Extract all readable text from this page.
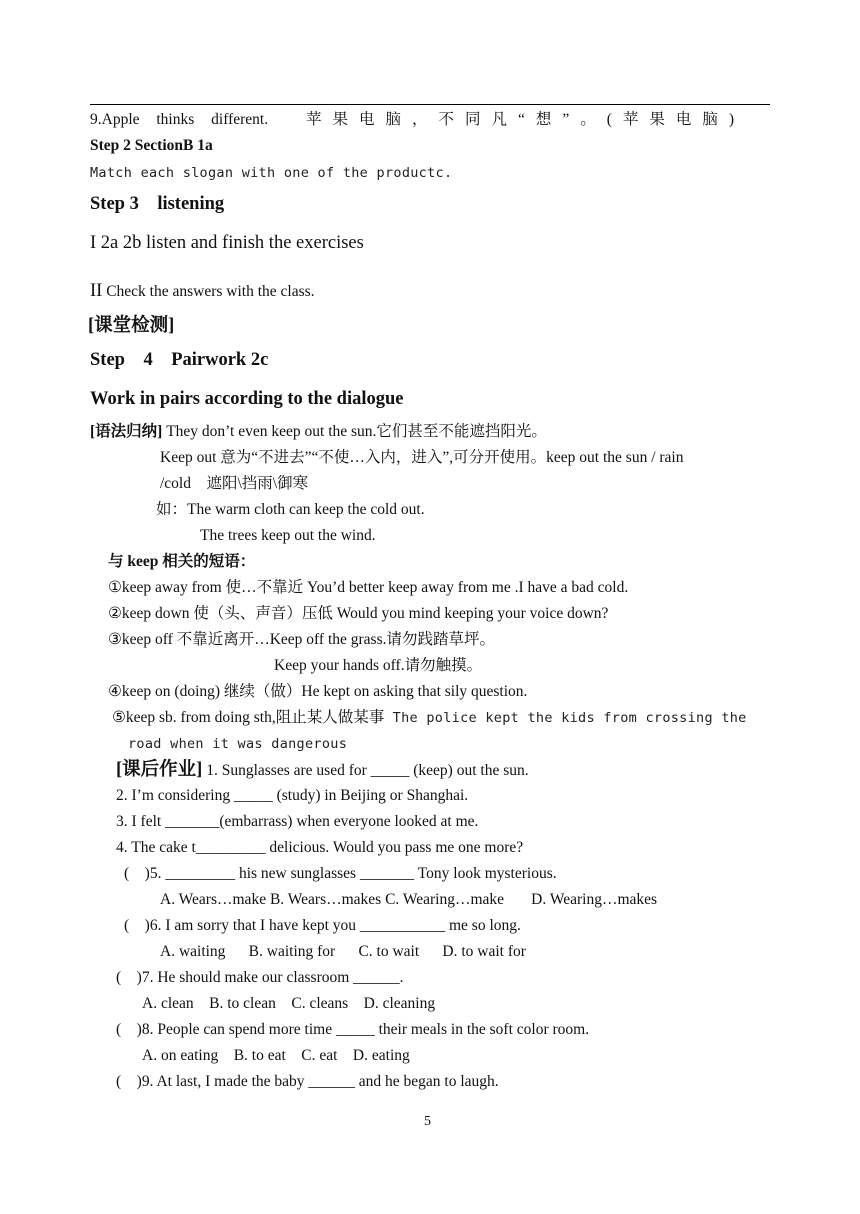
9.Apple thinks different. 苹果电脑，不同凡“想”。(苹果电脑)
Step 2 SectionB 1a
Match each slogan with one of the productc.
Step 3    listening
I 2a 2b listen and finish the exercises
II Check the answers with the class.
[课堂检测]
Step    4    Pairwork 2c
Work in pairs according to the dialogue
[语法归纳] They don’t even keep out the sun.它们甚至不能遮挡阳光。
Keep out 意为“不进去”“不使…入内，进入”,可分开使用。keep out the sun / rain
/cold    遮阳\挡雨\御寒
如：The warm cloth can keep the cold out.
The trees keep out the wind.
与 keep 相关的短语：
①keep away from 使…不靠近 You’d better keep away from me .I have a bad cold.
②keep down 使（头、声音）压低 Would you mind keeping your voice down?
③keep off 不靠近离开…Keep off the grass.请勿践踏草坪。
Keep your hands off.请勿触摸。
④keep on (doing) 继续（做）He kept on asking that sily question.
⑤keep sb. from doing sth,阻止某人做某事 The police kept the kids from crossing the
road when it was dangerous
[课后作业] 1. Sunglasses are used for _____ (keep) out the sun.
2. I’m considering _____ (study) in Beijing or Shanghai.
3. I felt _______(embarrass) when everyone looked at me.
4. The cake t_________ delicious. Would you pass me one more?
(    )5. _________ his new sunglasses _______ Tony look mysterious.
A. Wears…make B. Wears…makes C. Wearing…make       D. Wearing…makes
(    )6. I am sorry that I have kept you ___________ me so long.
A. waiting      B. waiting for      C. to wait      D. to wait for
(    )7. He should make our classroom ______.
A. clean    B. to clean    C. cleans    D. cleaning
(    )8. People can spend more time _____ their meals in the soft color room.
A. on eating    B. to eat    C. eat    D. eating
(    )9. At last, I made the baby ______ and he began to laugh.
5
